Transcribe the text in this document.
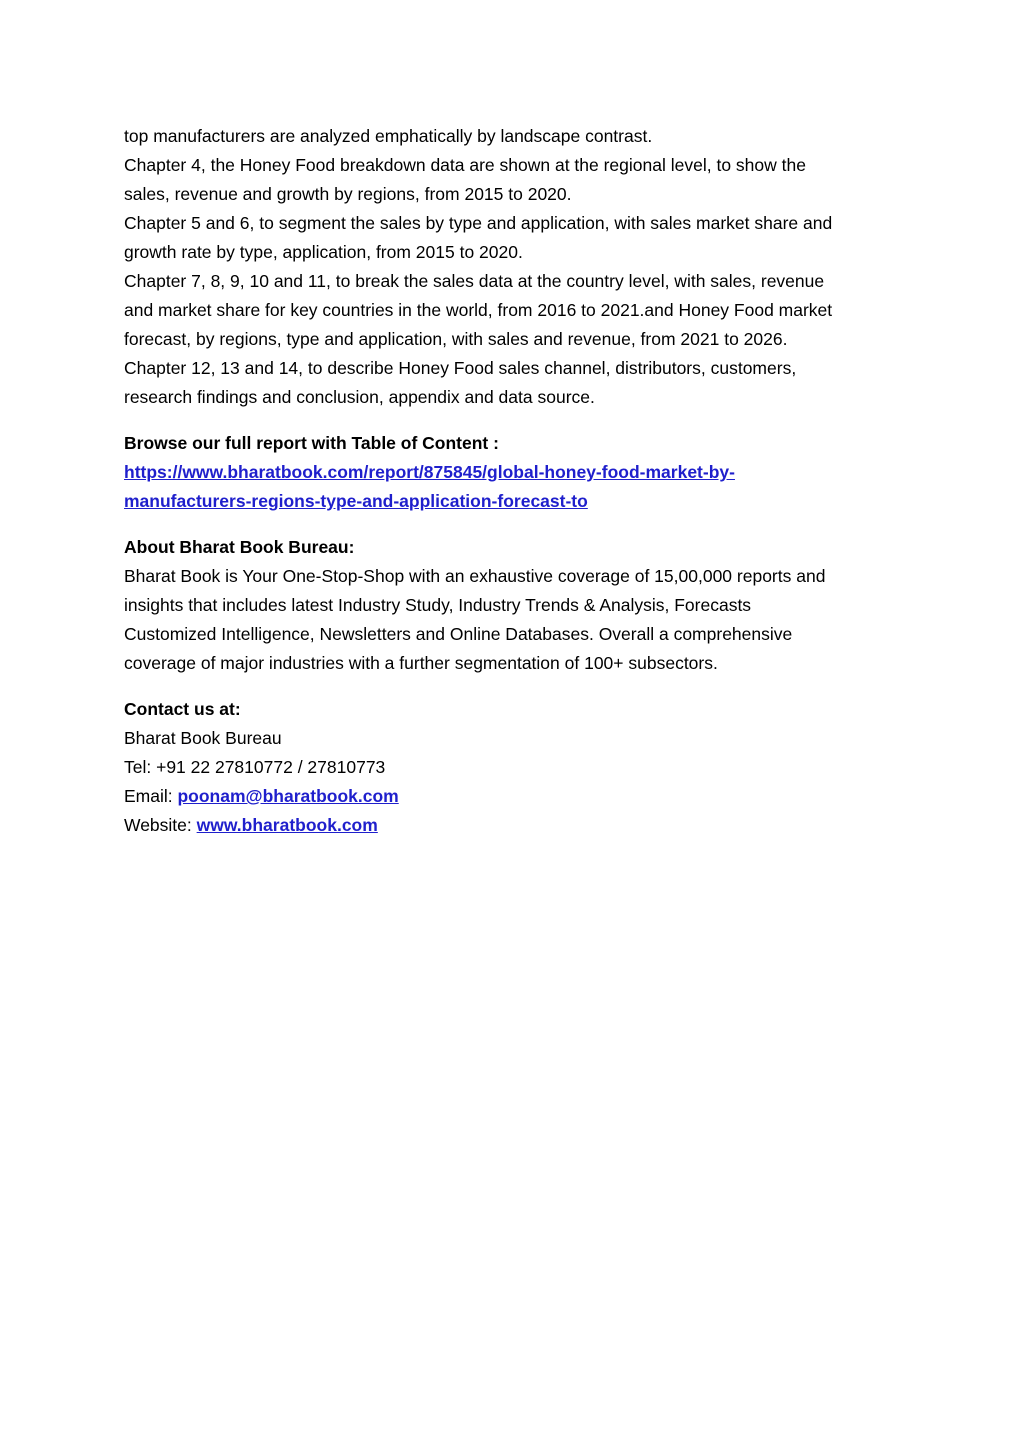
top manufacturers are analyzed emphatically by landscape contrast.
Chapter 4, the Honey Food breakdown data are shown at the regional level, to show the
sales, revenue and growth by regions, from 2015 to 2020.
Chapter 5 and 6, to segment the sales by type and application, with sales market share and
growth rate by type, application, from 2015 to 2020.
Chapter 7, 8, 9, 10 and 11, to break the sales data at the country level, with sales, revenue
and market share for key countries in the world, from 2016 to 2021.and Honey Food market
forecast, by regions, type and application, with sales and revenue, from 2021 to 2026.
Chapter 12, 13 and 14, to describe Honey Food sales channel, distributors, customers,
research findings and conclusion, appendix and data source.
Browse our full report with Table of Content :
https://www.bharatbook.com/report/875845/global-honey-food-market-by-
manufacturers-regions-type-and-application-forecast-to
About Bharat Book Bureau:
Bharat Book is Your One-Stop-Shop with an exhaustive coverage of 15,00,000 reports and
insights that includes latest Industry Study, Industry Trends & Analysis, Forecasts
Customized Intelligence, Newsletters and Online Databases. Overall a comprehensive
coverage of major industries with a further segmentation of 100+ subsectors.
Contact us at:
Bharat Book Bureau
Tel: +91 22 27810772 / 27810773
Email: poonam@bharatbook.com
Website: www.bharatbook.com
